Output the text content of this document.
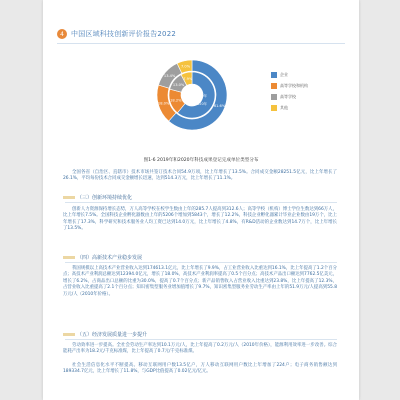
4	中国区域科技创新评价报告2022
61.6%
18.0%
13.4%
7.0%
18.2%
13.0%
7.9%
2019年
2020年
企业
高等学校和机构
高等学校
其他
图1-6 2019年和2020年科技成果登记完成单位类型分布

全国各省（自治区、直辖市）技术市场共签订技术合同54.9万项，比上年增长了13.5%。合同成交金额28251.5亿元，比上年增长了26.1%，平均每份技术合同成交金额增长迅速，达到514.3万元，比上年增长了11.1%。

（三）创新环境持续优化

创新人力资源保持增长态势，万人高等学校在校学生数由上年的285.7人提高到312.6人；高等学校（机构）博士学位生数达到66万人，比上年增长7.5%。全国科技企业孵化器数由上年的5206个增加到5843个，增长了12.2%，科技企业孵化器累计毕业企业数由19万个，比上年增长了17.3%，科学研究和技术服务业人均工资已达到14.0万元，比上年增长了4.8%，有R&D活动的企业数达到14.7万个，比上年增长了13.5%。

（四）高新技术产业稳步发展

我国规模以上高技术产业营业收入达到174613.1亿元，比上年增长了9.9%，占工业营业收入比重达到16.1%，比上年提高了1.2个百分点；高技术产业利润总额达到12394.0亿元，增长了18.0%，高技术产业利润率提高了0.5个百分点；高技术产品出口额达到7762.5亿美元，增长了6.2%，占商品出口总额的比重为30.0%，提高了0.7个百分点；新产品销售收入占营业收入比重达到23.8%，比上年提高了12.3%，占营业收入比重提高了2.1个百分点；知识密集型服务业增加值增长了9.7%，知识密集型服务业劳动生产率由上年的51.9万元/人提高到55.8万元/人（2010年价格）。

（五）经济发展质量进一步提升

劳动效率进一步提高。全社会劳动生产率达到10.1万元/人，比上年提高了0.2万元/人（2010年价格），能源利用效率进一步改善。综合能耗产出率为18.2元/千克标准煤，比上年提高了0.7元/千克标准煤。

社会生活信息化水平不断提高。移动互联网用户数13.5亿户，万人移动互联网用户数比上年增加了224户；电子商务销售额达到189334.7亿元，比上年增长了11.8%，与GDP比值提高了0.02亿元/亿元。
